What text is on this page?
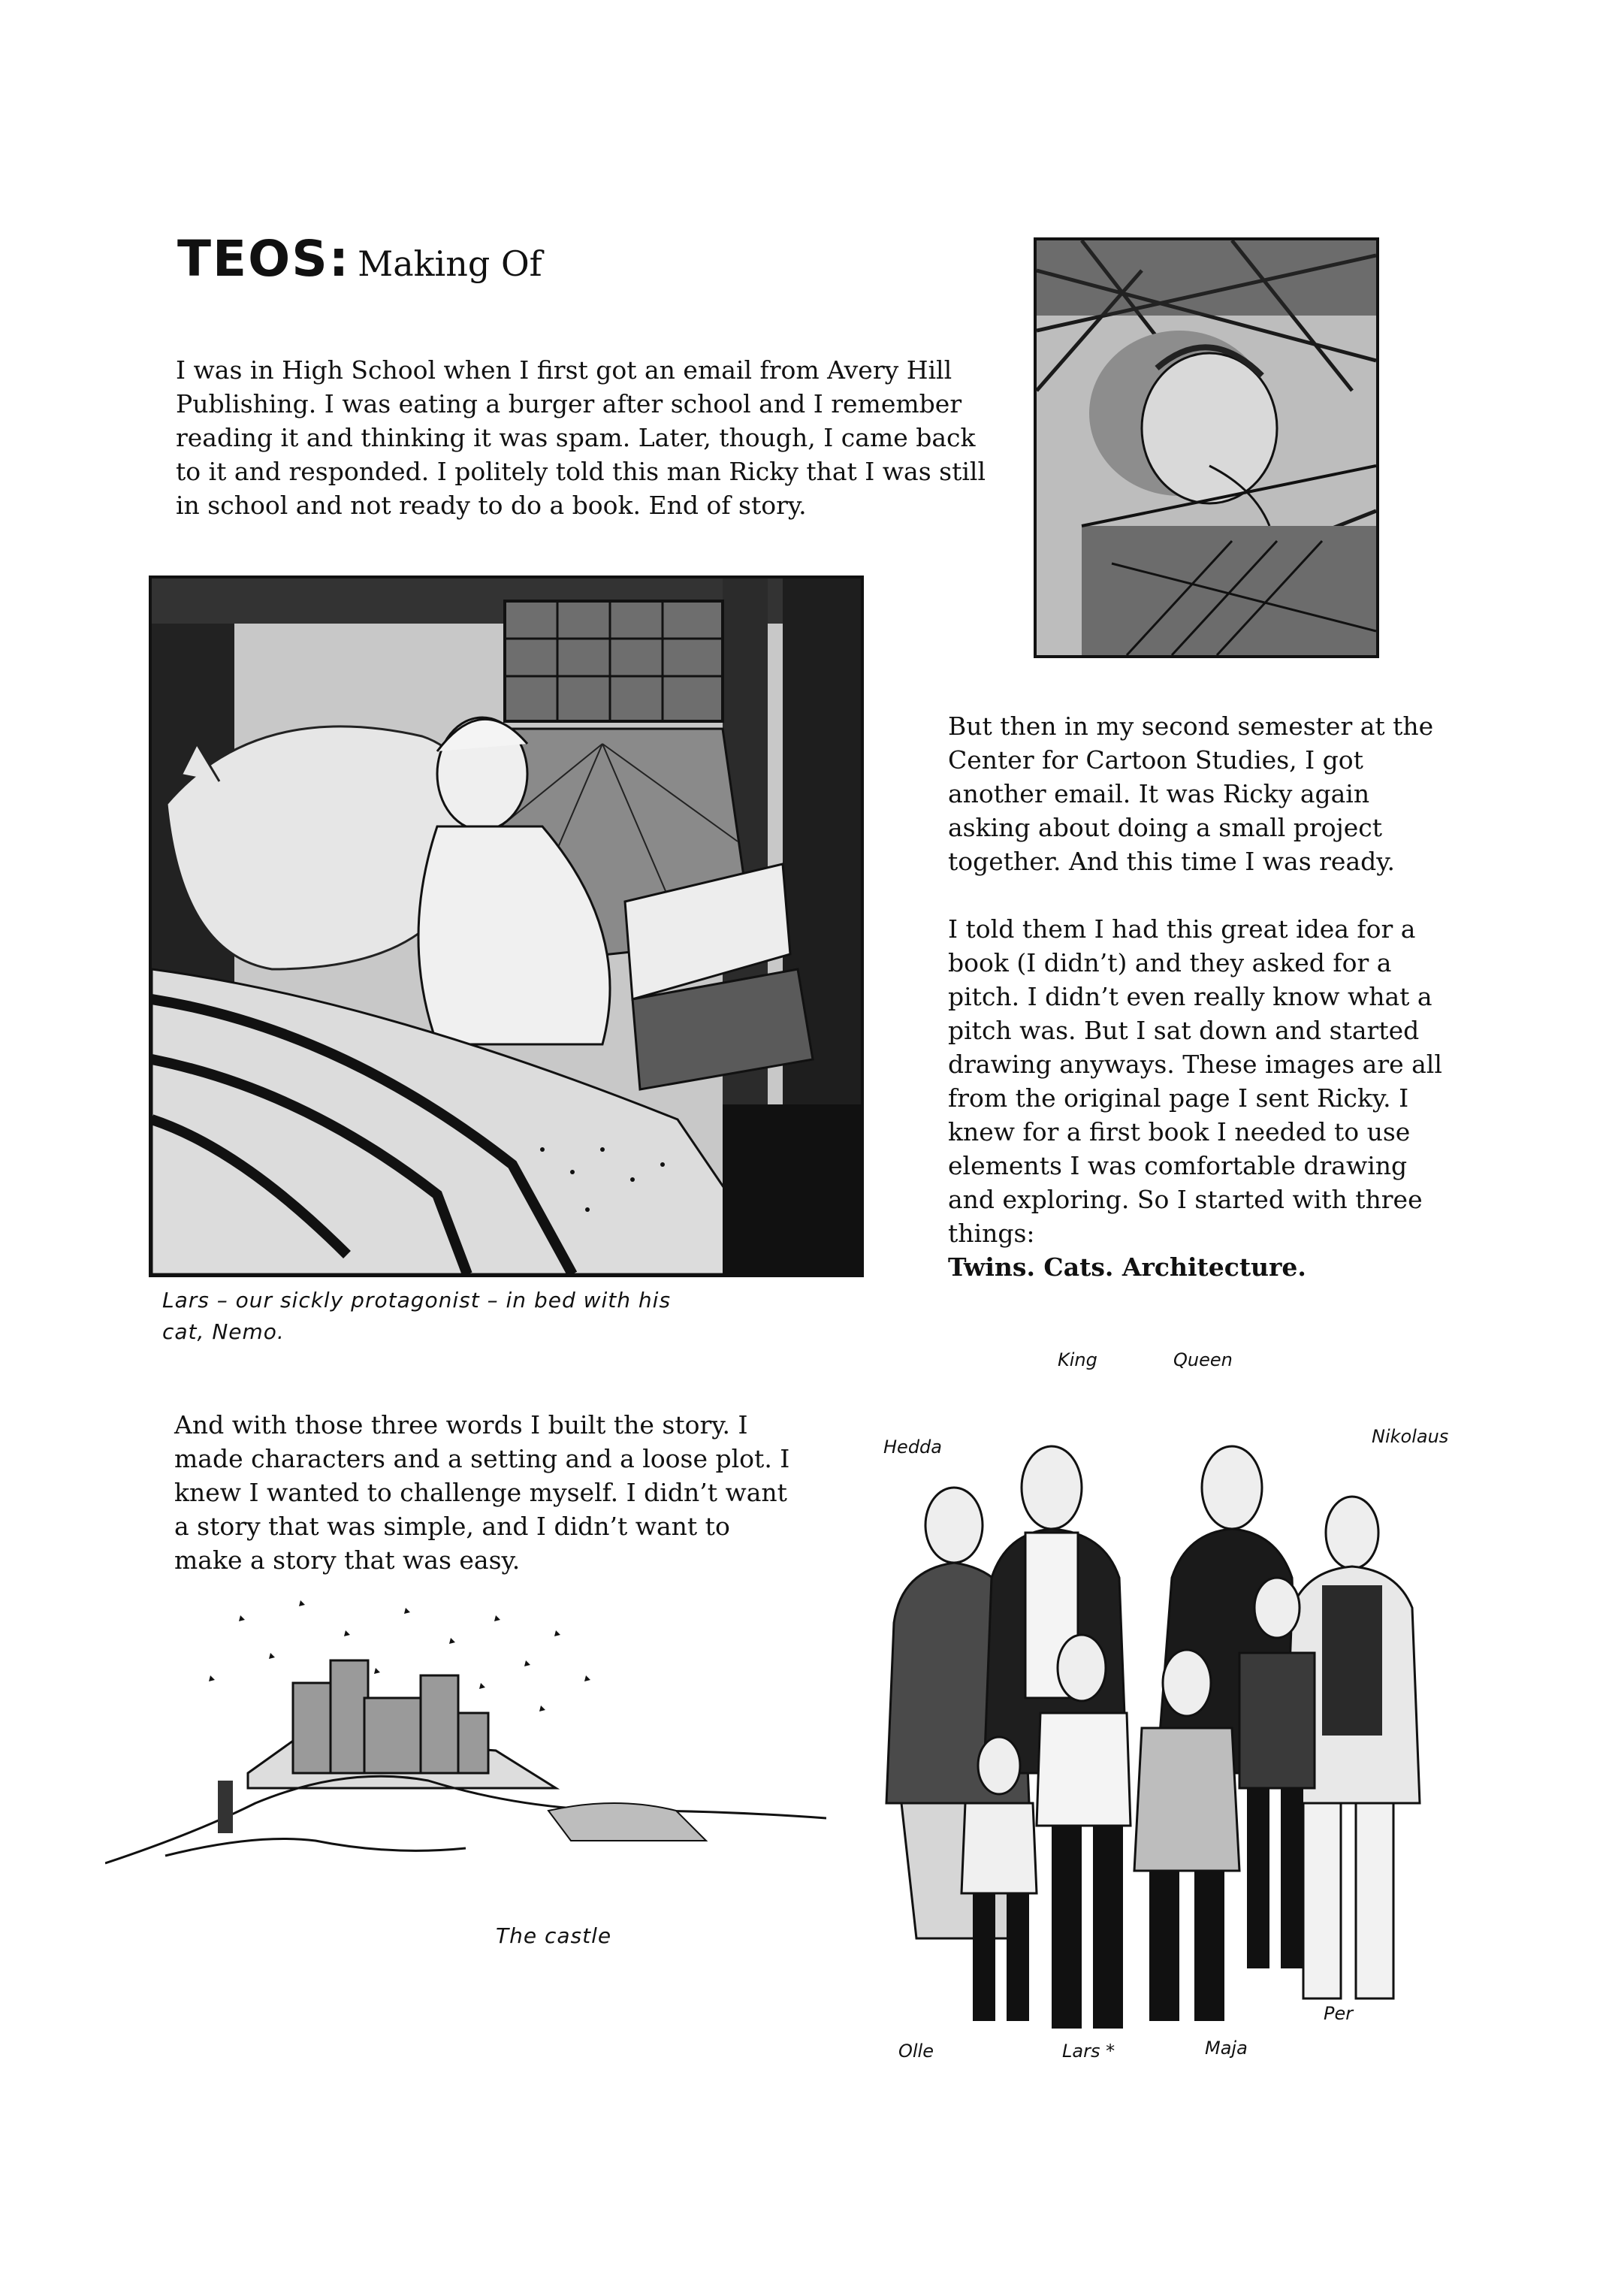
TEOS: Making Of

I was in High School when I first got an email from Avery Hill
Publishing. I was eating a burger after school and I remember
reading it and thinking it was spam. Later, though, I came back
to it and responded. I politely told this man Ricky that I was still
in school and not ready to do a book. End of story.

Lars – our sickly protagonist – in bed with his
cat, Nemo.

But then in my second semester at the
Center for Cartoon Studies, I got
another email. It was Ricky again
asking about doing a small project
together. And this time I was ready.

I told them I had this great idea for a
book (I didn’t) and they asked for a
pitch. I didn’t even really know what a
pitch was. But I sat down and started
drawing anyways. These images are all
from the original page I sent Ricky. I
knew for a first book I needed to use
elements I was comfortable drawing
and exploring. So I started with three
things:

Twins. Cats. Architecture.

And with those three words I built the story. I
made characters and a setting and a loose plot. I
knew I wanted to challenge myself. I didn’t want
a story that was simple, and I didn’t want to
make a story that was easy.

The castle
King	Queen
Hedda	Nikolaus
Per
Olle	Lars *	Maja
